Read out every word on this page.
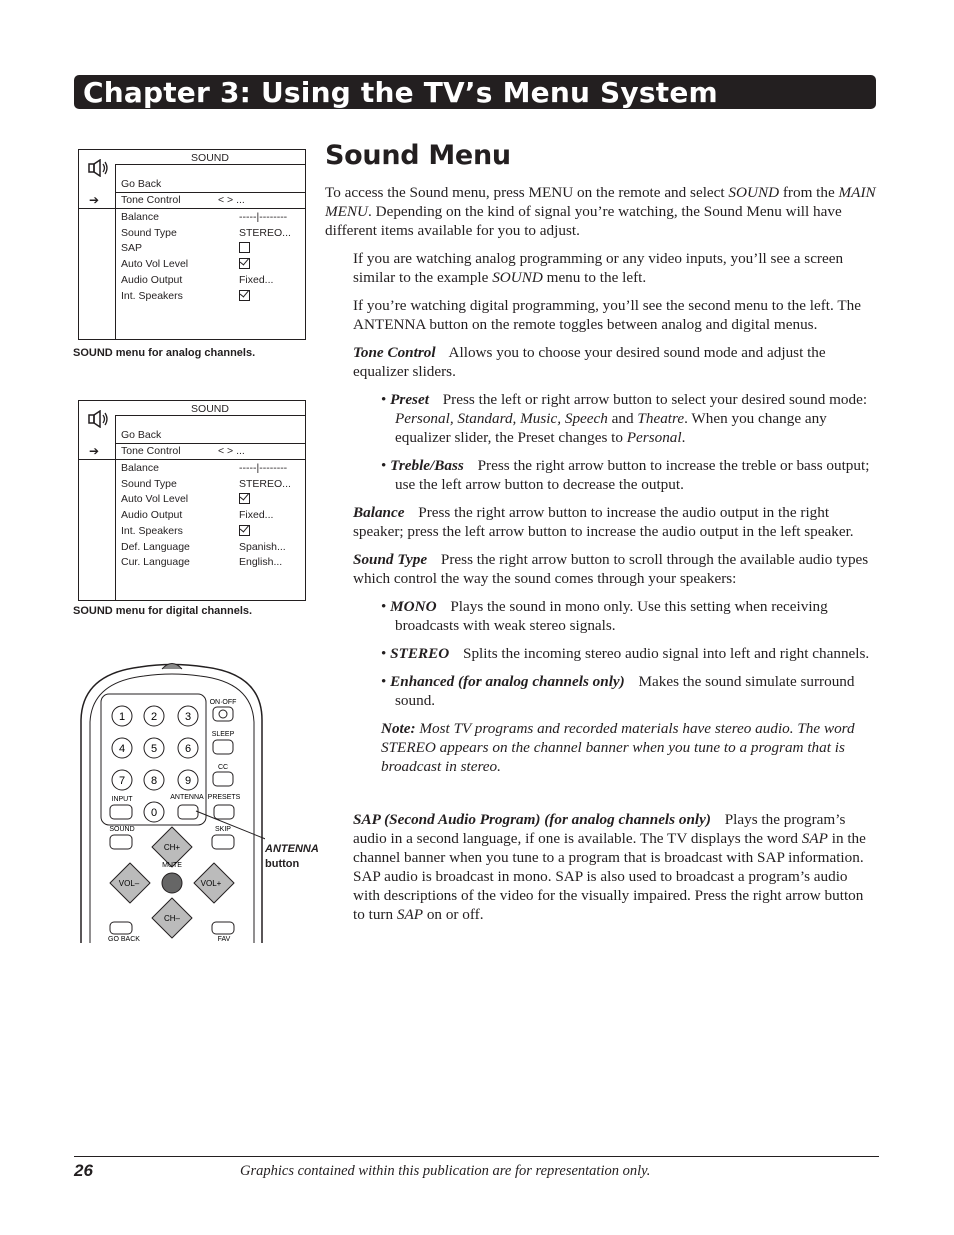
Chapter 3: Using the TV’s Menu System
SOUND
Go Back
➔ Tone Control	< > ...
Balance	-----|--------
Sound Type	STEREO...
SAP
Auto Vol Level
Audio Output	Fixed...
Int. Speakers
SOUND menu for analog channels.
SOUND
Go Back
➔ Tone Control	< > ...
Balance	-----|--------
Sound Type	STEREO...
Auto Vol Level
Audio Output	Fixed...
Int. Speakers
Def. Language	Spanish...
Cur. Language	English...
SOUND menu for digital channels.
1 2	3
4 5	6
7 8	9
0
ON·OFF
SLEEP
CC
INPUT	ANTENNA PRESETS
SOUND	SKIP
CH+
CH–
VOL–	VOL+
MUTE
GO BACK	FAV
ANTENNA
button
Sound Menu

To access the Sound menu, press MENU on the remote and select SOUND from the MAIN MENU. Depending on the kind of signal you’re watching, the Sound Menu will have different items available for you to adjust.

If you are watching analog programming or any video inputs, you’ll see a screen similar to the example SOUND menu to the left.

If you’re watching digital programming, you’ll see the second menu to the left. The ANTENNA button on the remote toggles between analog and digital menus.

Tone Control Allows you to choose your desired sound mode and adjust the equalizer sliders.

• Preset Press the left or right arrow button to select your desired sound mode: Personal, Standard, Music, Speech and Theatre. When you change any equalizer slider, the Preset changes to Personal.

• Treble/Bass Press the right arrow button to increase the treble or bass output; use the left arrow button to decrease the output.

Balance Press the right arrow button to increase the audio output in the right speaker; press the left arrow button to increase the audio output in the left speaker.

Sound Type Press the right arrow button to scroll through the available audio types which control the way the sound comes through your speakers:

• MONO Plays the sound in mono only. Use this setting when receiving broadcasts with weak stereo signals.

• STEREO Splits the incoming stereo audio signal into left and right channels.

• Enhanced (for analog channels only) Makes the sound simulate surround sound.

Note: Most TV programs and recorded materials have stereo audio. The word STEREO appears on the channel banner when you tune to a program that is broadcast in stereo.

SAP (Second Audio Program) (for analog channels only) Plays the program’s audio in a second language, if one is available. The TV displays the word SAP in the channel banner when you tune to a program that is broadcast with SAP information. SAP audio is broadcast in mono. SAP is also used to broadcast a program’s audio with descriptions of the video for the visually impaired. Press the right arrow button to turn SAP on or off.

26	Graphics contained within this publication are for representation only.
